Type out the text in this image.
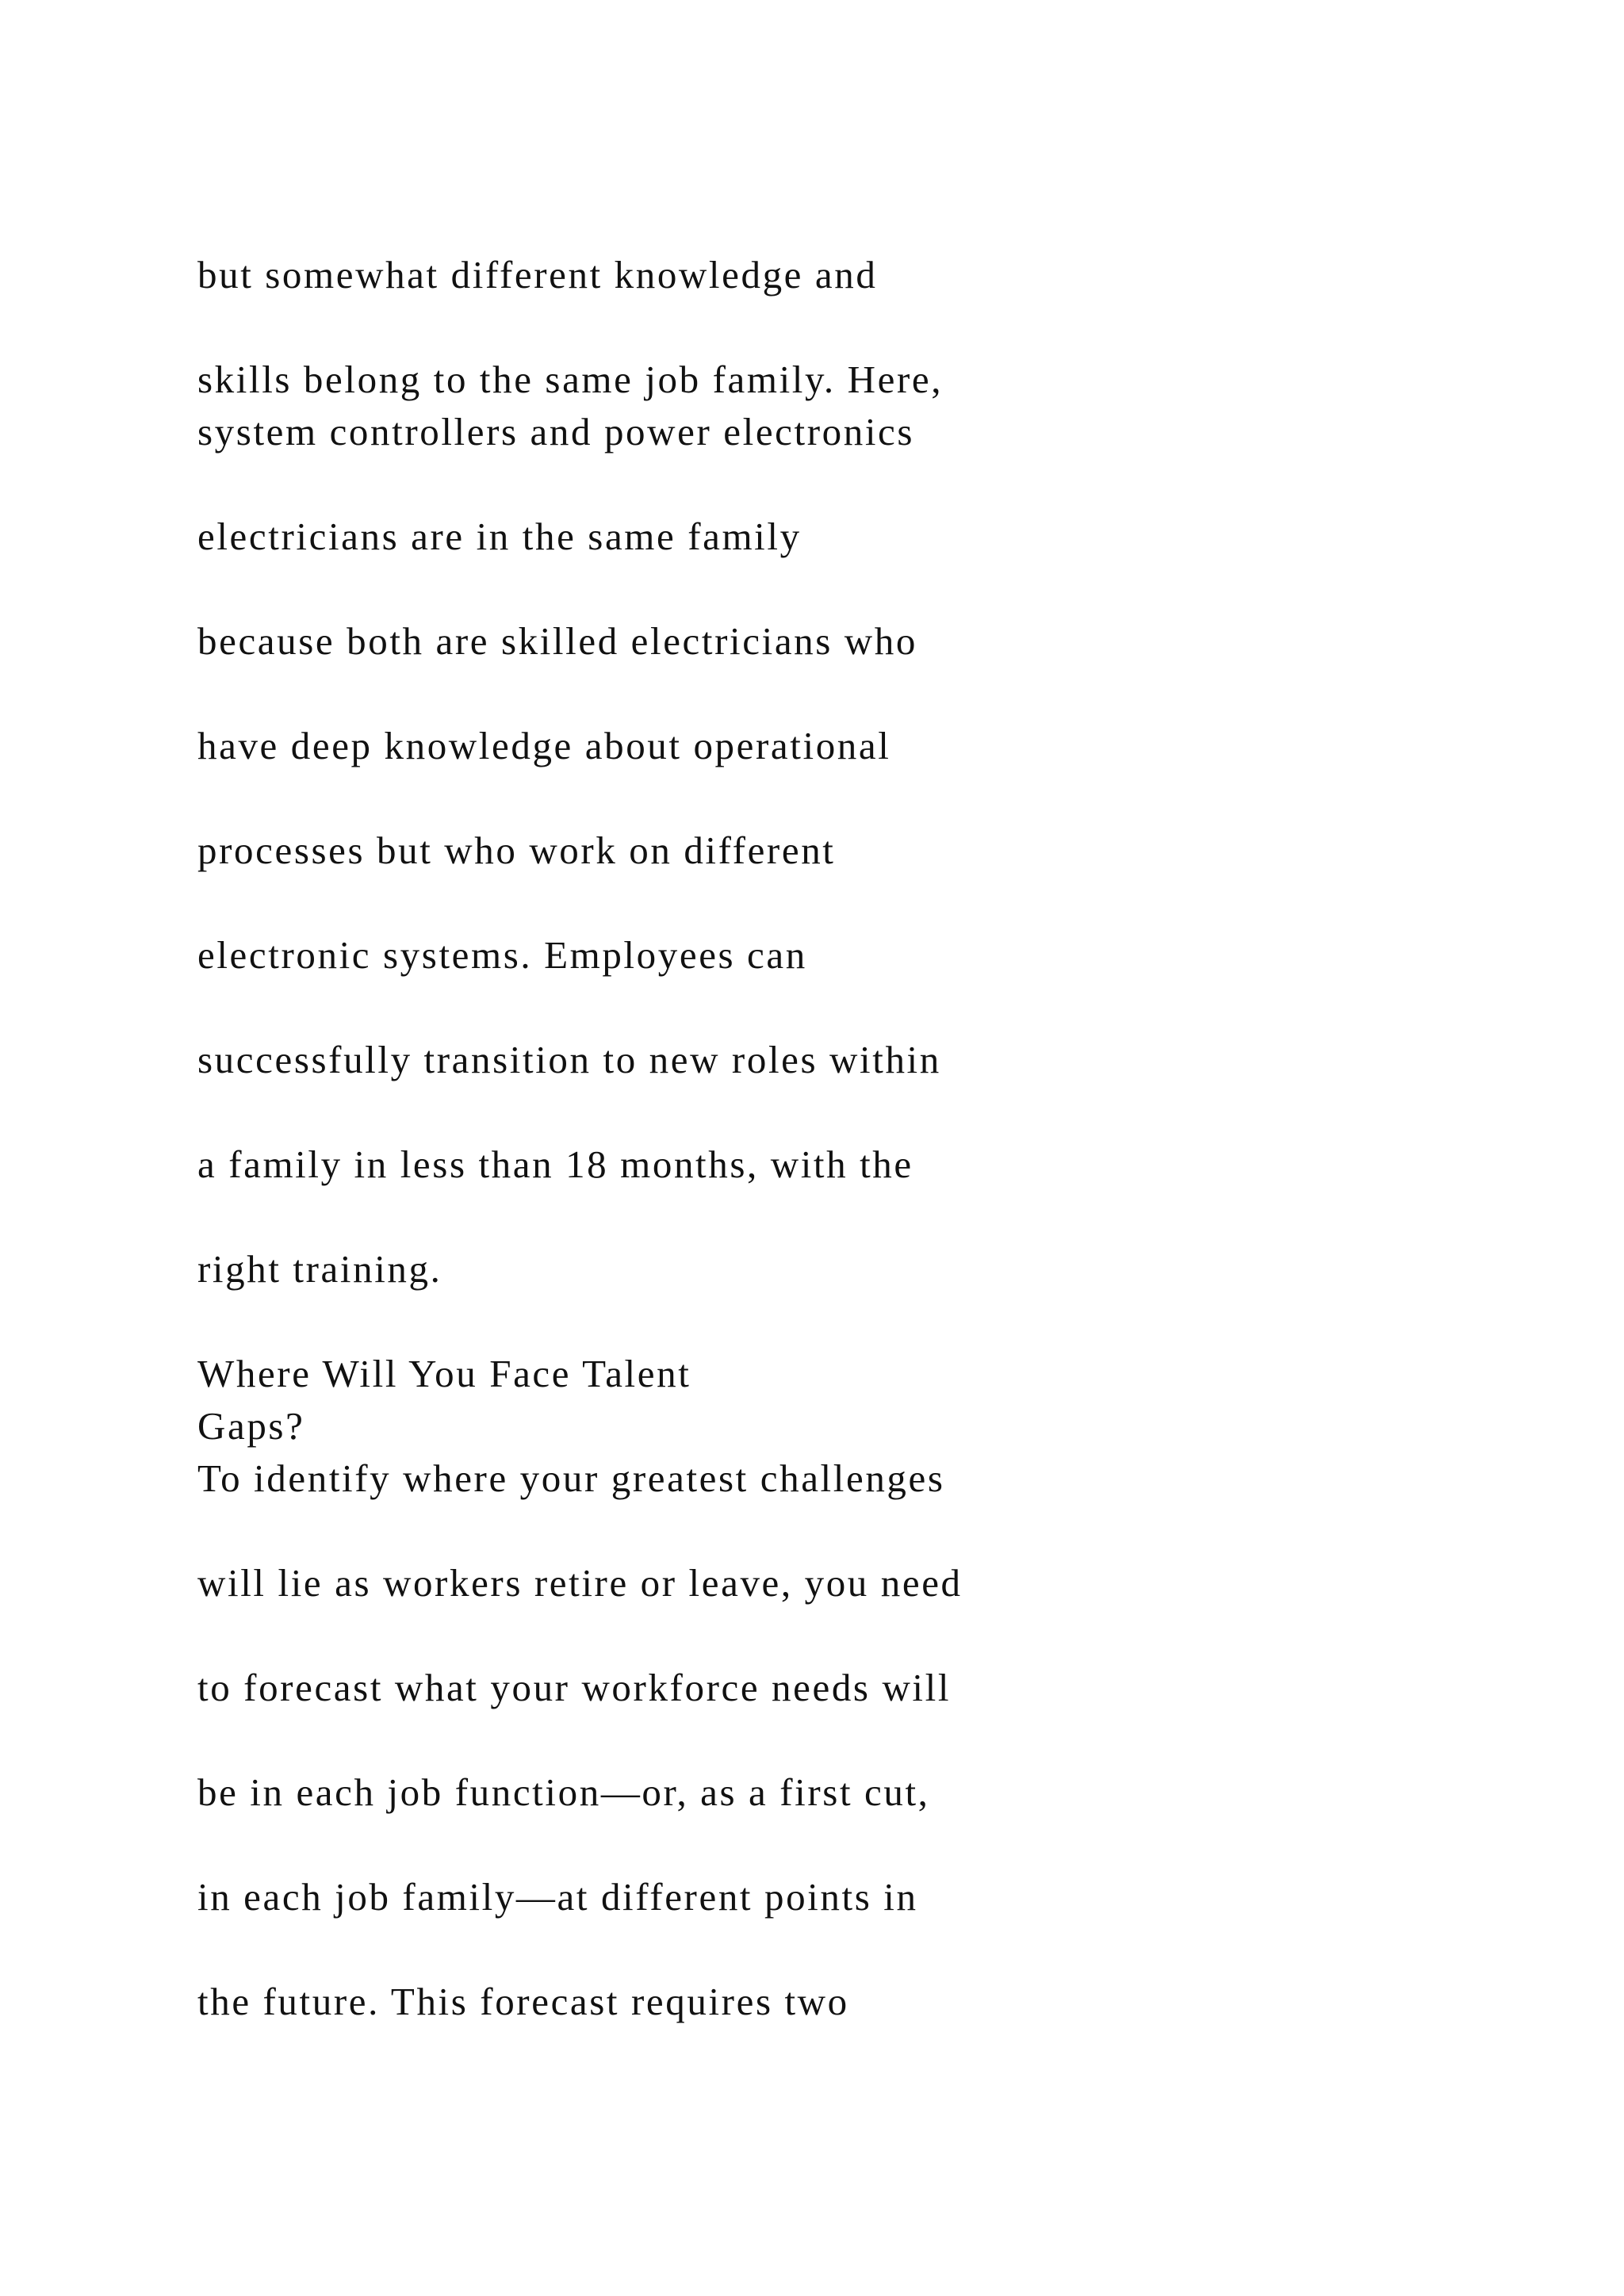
but somewhat different knowledge and

skills belong to the same job family. Here,

system controllers and power electronics

electricians are in the same family

because both are skilled electricians who

have deep knowledge about operational

processes but who work on different

electronic systems. Employees can

successfully transition to new roles within

a family in less than 18 months, with the

right training.

Where Will You Face Talent

Gaps?

To identify where your greatest challenges

will lie as workers retire or leave, you need

to forecast what your workforce needs will

be in each job function—or, as a first cut,

in each job family—at different points in

the future. This forecast requires two
